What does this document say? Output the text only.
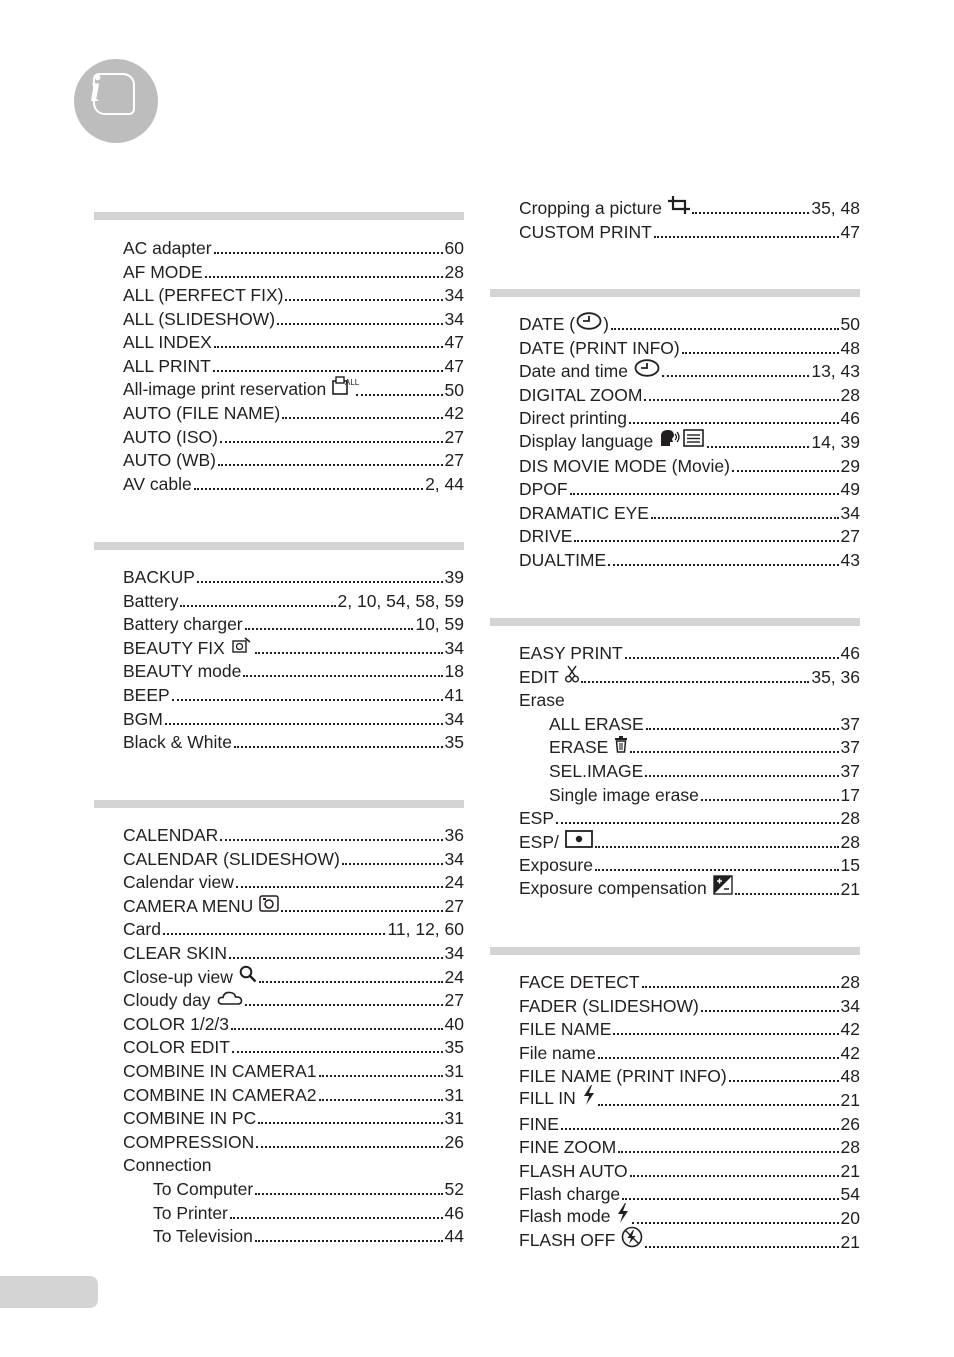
i
AC adapter	60
AF MODE	28
ALL (PERFECT FIX)	34
ALL (SLIDESHOW)	34
ALL INDEX	47
ALL PRINT	47
All-image print reservation ALL	50
AUTO (FILE NAME)	42
AUTO (ISO)	27
AUTO (WB)	27
AV cable	2, 44
BACKUP	39
Battery	2, 10, 54, 58, 59
Battery charger	10, 59
BEAUTY FIX	34
BEAUTY mode	18
BEEP	41
BGM	34
Black & White	35
CALENDAR	36
CALENDAR (SLIDESHOW)	34
Calendar view	24
CAMERA MENU	27
Card	11, 12, 60
CLEAR SKIN	34
Close-up view	24
Cloudy day	27
COLOR 1/2/3	40
COLOR EDIT	35
COMBINE IN CAMERA1	31
COMBINE IN CAMERA2	31
COMBINE IN PC	31
COMPRESSION	26
Connection
To Computer	52
To Printer	46
To Television	44
Cropping a picture	35, 48
CUSTOM PRINT	47
DATE ( )	50
DATE (PRINT INFO)	48
Date and time	13, 43
DIGITAL ZOOM	28
Direct printing	46
Display language	14, 39
DIS MOVIE MODE (Movie)	29
DPOF	49
DRAMATIC EYE	34
DRIVE	27
DUALTIME	43
EASY PRINT	46
EDIT	35, 36
Erase
ALL ERASE	37
ERASE	37
SEL.IMAGE	37
Single image erase	17
ESP	28
ESP/	28
Exposure	15
Exposure compensation	21
FACE DETECT	28
FADER (SLIDESHOW)	34
FILE NAME	42
File name	42
FILE NAME (PRINT INFO)	48
FILL IN	21
FINE	26
FINE ZOOM	28
FLASH AUTO	21
Flash charge	54
Flash mode	20
FLASH OFF	21
